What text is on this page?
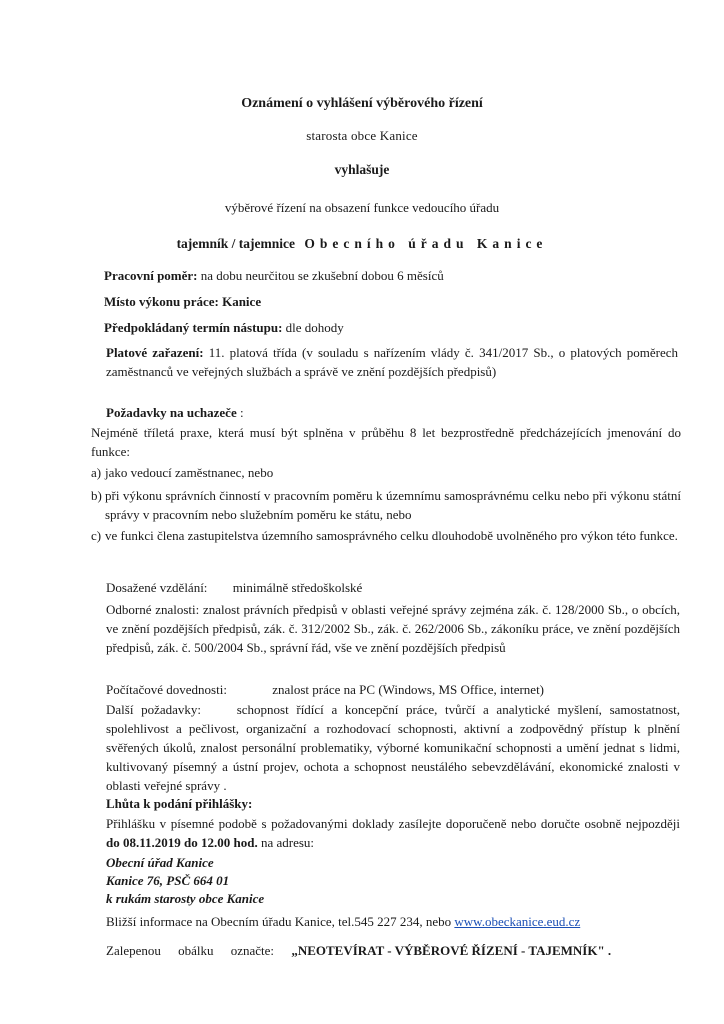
Oznámení o vyhlášení výběrového řízení
starosta obce Kanice
vyhlašuje
výběrové řízení na obsazení funkce vedoucího úřadu
tajemník / tajemnice Obecního úřadu Kanice
Pracovní poměr: na dobu neurčitou se zkušební dobou 6 měsíců
Místo výkonu práce: Kanice
Předpokládaný termín nástupu: dle dohody
Platové zařazení: 11. platová třída (v souladu s nařízením vlády č. 341/2017 Sb., o platových poměrech zaměstnanců ve veřejných službách a správě ve znění pozdějších předpisů)
Požadavky na uchazeče :
Nejméně tříletá praxe, která musí být splněna v průběhu 8 let bezprostředně předcházejících jmenování do funkce:
a) jako vedoucí zaměstnanec, nebo
b) při výkonu správních činností v pracovním poměru k územnímu samosprávnému celku nebo při výkonu státní správy v pracovním nebo služebním poměru ke státu, nebo
c) ve funkci člena zastupitelstva územního samosprávného celku dlouhodobě uvolněného pro výkon této funkce.
Dosažené vzdělání: minimálně středoškolské
Odborné znalosti: znalost právních předpisů v oblasti veřejné správy zejména zák. č. 128/2000 Sb., o obcích, ve znění pozdějších předpisů, zák. č. 312/2002 Sb., zák. č. 262/2006 Sb., zákoníku práce, ve znění pozdějších předpisů, zák. č. 500/2004 Sb., správní řád, vše ve znění pozdějších předpisů
Počítačové dovednosti:	znalost práce na PC (Windows, MS Office, internet)
Další požadavky:	schopnost řídící a koncepční práce, tvůrčí a analytické myšlení, samostatnost, spolehlivost a pečlivost, organizační a rozhodovací schopnosti, aktivní a zodpovědný přístup k plnění svěřených úkolů, znalost personální problematiky, výborné komunikační schopnosti a umění jednat s lidmi, kultivovaný písemný a ústní projev, ochota a schopnost neustálého sebevzdělávání, ekonomické znalosti v oblasti veřejné správy .
Lhůta k podání přihlášky:
Přihlášku v písemné podobě s požadovanými doklady zasílejte doporučeně nebo doručte osobně nejpozději do 08.11.2019 do 12.00 hod. na adresu:
Obecní úřad Kanice
Kanice 76, PSČ 664 01
k rukám starosty obce Kanice
Bližší informace na Obecním úřadu Kanice, tel.545 227 234, nebo www.obeckanice.eud.cz
Zalepenou obálku označte: „NEOTEVÍRAT - VÝBĚROVÉ ŘÍZENÍ - TAJEMNÍK" .
